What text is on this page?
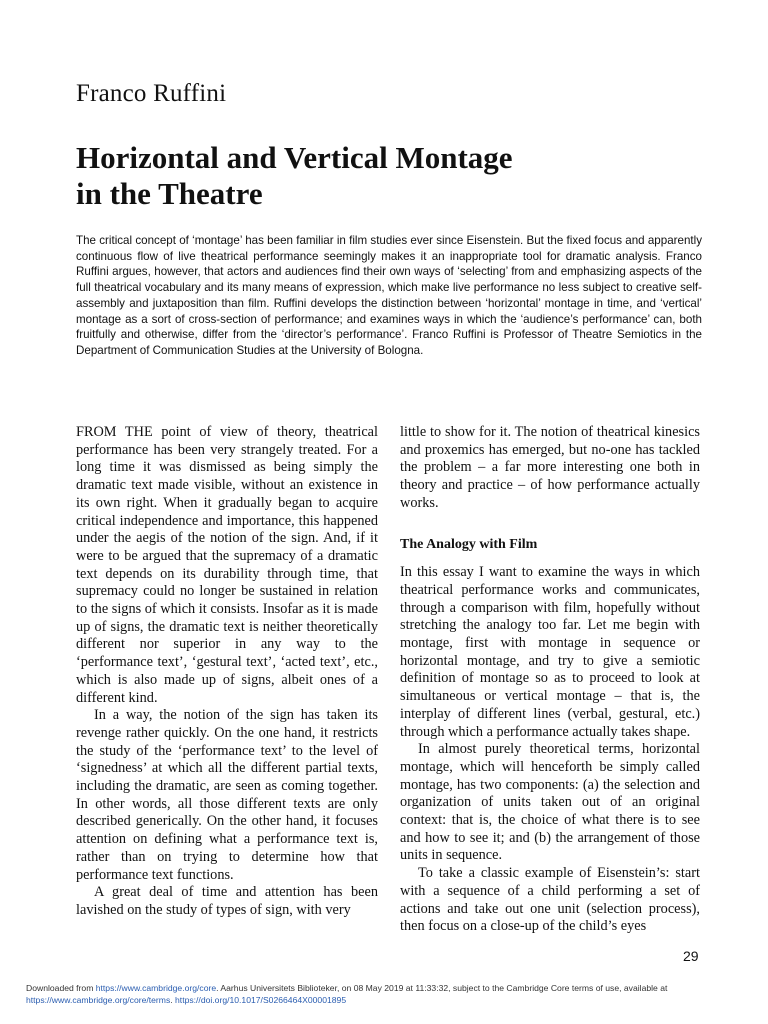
Franco Ruffini
Horizontal and Vertical Montage
in the Theatre
The critical concept of ‘montage’ has been familiar in film studies ever since Eisenstein. But the fixed focus and apparently continuous flow of live theatrical performance seemingly makes it an inappropriate tool for dramatic analysis. Franco Ruffini argues, however, that actors and audiences find their own ways of ‘selecting’ from and emphasizing aspects of the full theatrical vocabulary and its many means of expression, which make live performance no less subject to creative self-assembly and juxtaposition than film. Ruffini develops the distinction between ‘horizontal’ montage in time, and ‘vertical’ montage as a sort of cross-section of performance; and examines ways in which the ‘audience’s performance’ can, both fruitfully and otherwise, differ from the ‘director’s performance’. Franco Ruffini is Professor of Theatre Semiotics in the Department of Communication Studies at the University of Bologna.

FROM THE point of view of theory, theatrical performance has been very strangely treated. For a long time it was dismissed as being simply the dramatic text made visible, without an existence in its own right. When it gradually began to acquire critical independence and importance, this happened under the aegis of the notion of the sign. And, if it were to be argued that the supremacy of a dramatic text depends on its durability through time, that supremacy could no longer be sustained in relation to the signs of which it consists. Insofar as it is made up of signs, the dramatic text is neither theoretically different nor superior in any way to the ‘performance text’, ‘gestural text’, ‘acted text’, etc., which is also made up of signs, albeit ones of a different kind.

In a way, the notion of the sign has taken its revenge rather quickly. On the one hand, it restricts the study of the ‘performance text’ to the level of ‘signedness’ at which all the different partial texts, including the dramatic, are seen as coming together. In other words, all those different texts are only described generically. On the other hand, it focuses attention on defining what a performance text is, rather than on trying to determine how that performance text functions.

A great deal of time and attention has been lavished on the study of types of sign, with very

little to show for it. The notion of theatrical kinesics and proxemics has emerged, but no-one has tackled the problem – a far more interesting one both in theory and practice – of how performance actually works.

The Analogy with Film

In this essay I want to examine the ways in which theatrical performance works and communicates, through a comparison with film, hopefully without stretching the analogy too far. Let me begin with montage, first with montage in sequence or horizontal montage, and try to give a semiotic definition of montage so as to proceed to look at simultaneous or vertical montage – that is, the interplay of different lines (verbal, gestural, etc.) through which a performance actually takes shape.

In almost purely theoretical terms, horizontal montage, which will henceforth be simply called montage, has two components: (a) the selection and organization of units taken out of an original context: that is, the choice of what there is to see and how to see it; and (b) the arrangement of those units in sequence.

To take a classic example of Eisenstein’s: start with a sequence of a child performing a set of actions and take out one unit (selection process), then focus on a close-up of the child’s eyes

29
Downloaded from https://www.cambridge.org/core. Aarhus Universitets Biblioteker, on 08 May 2019 at 11:33:32, subject to the Cambridge Core terms of use, available at https://www.cambridge.org/core/terms. https://doi.org/10.1017/S0266464X00001895
